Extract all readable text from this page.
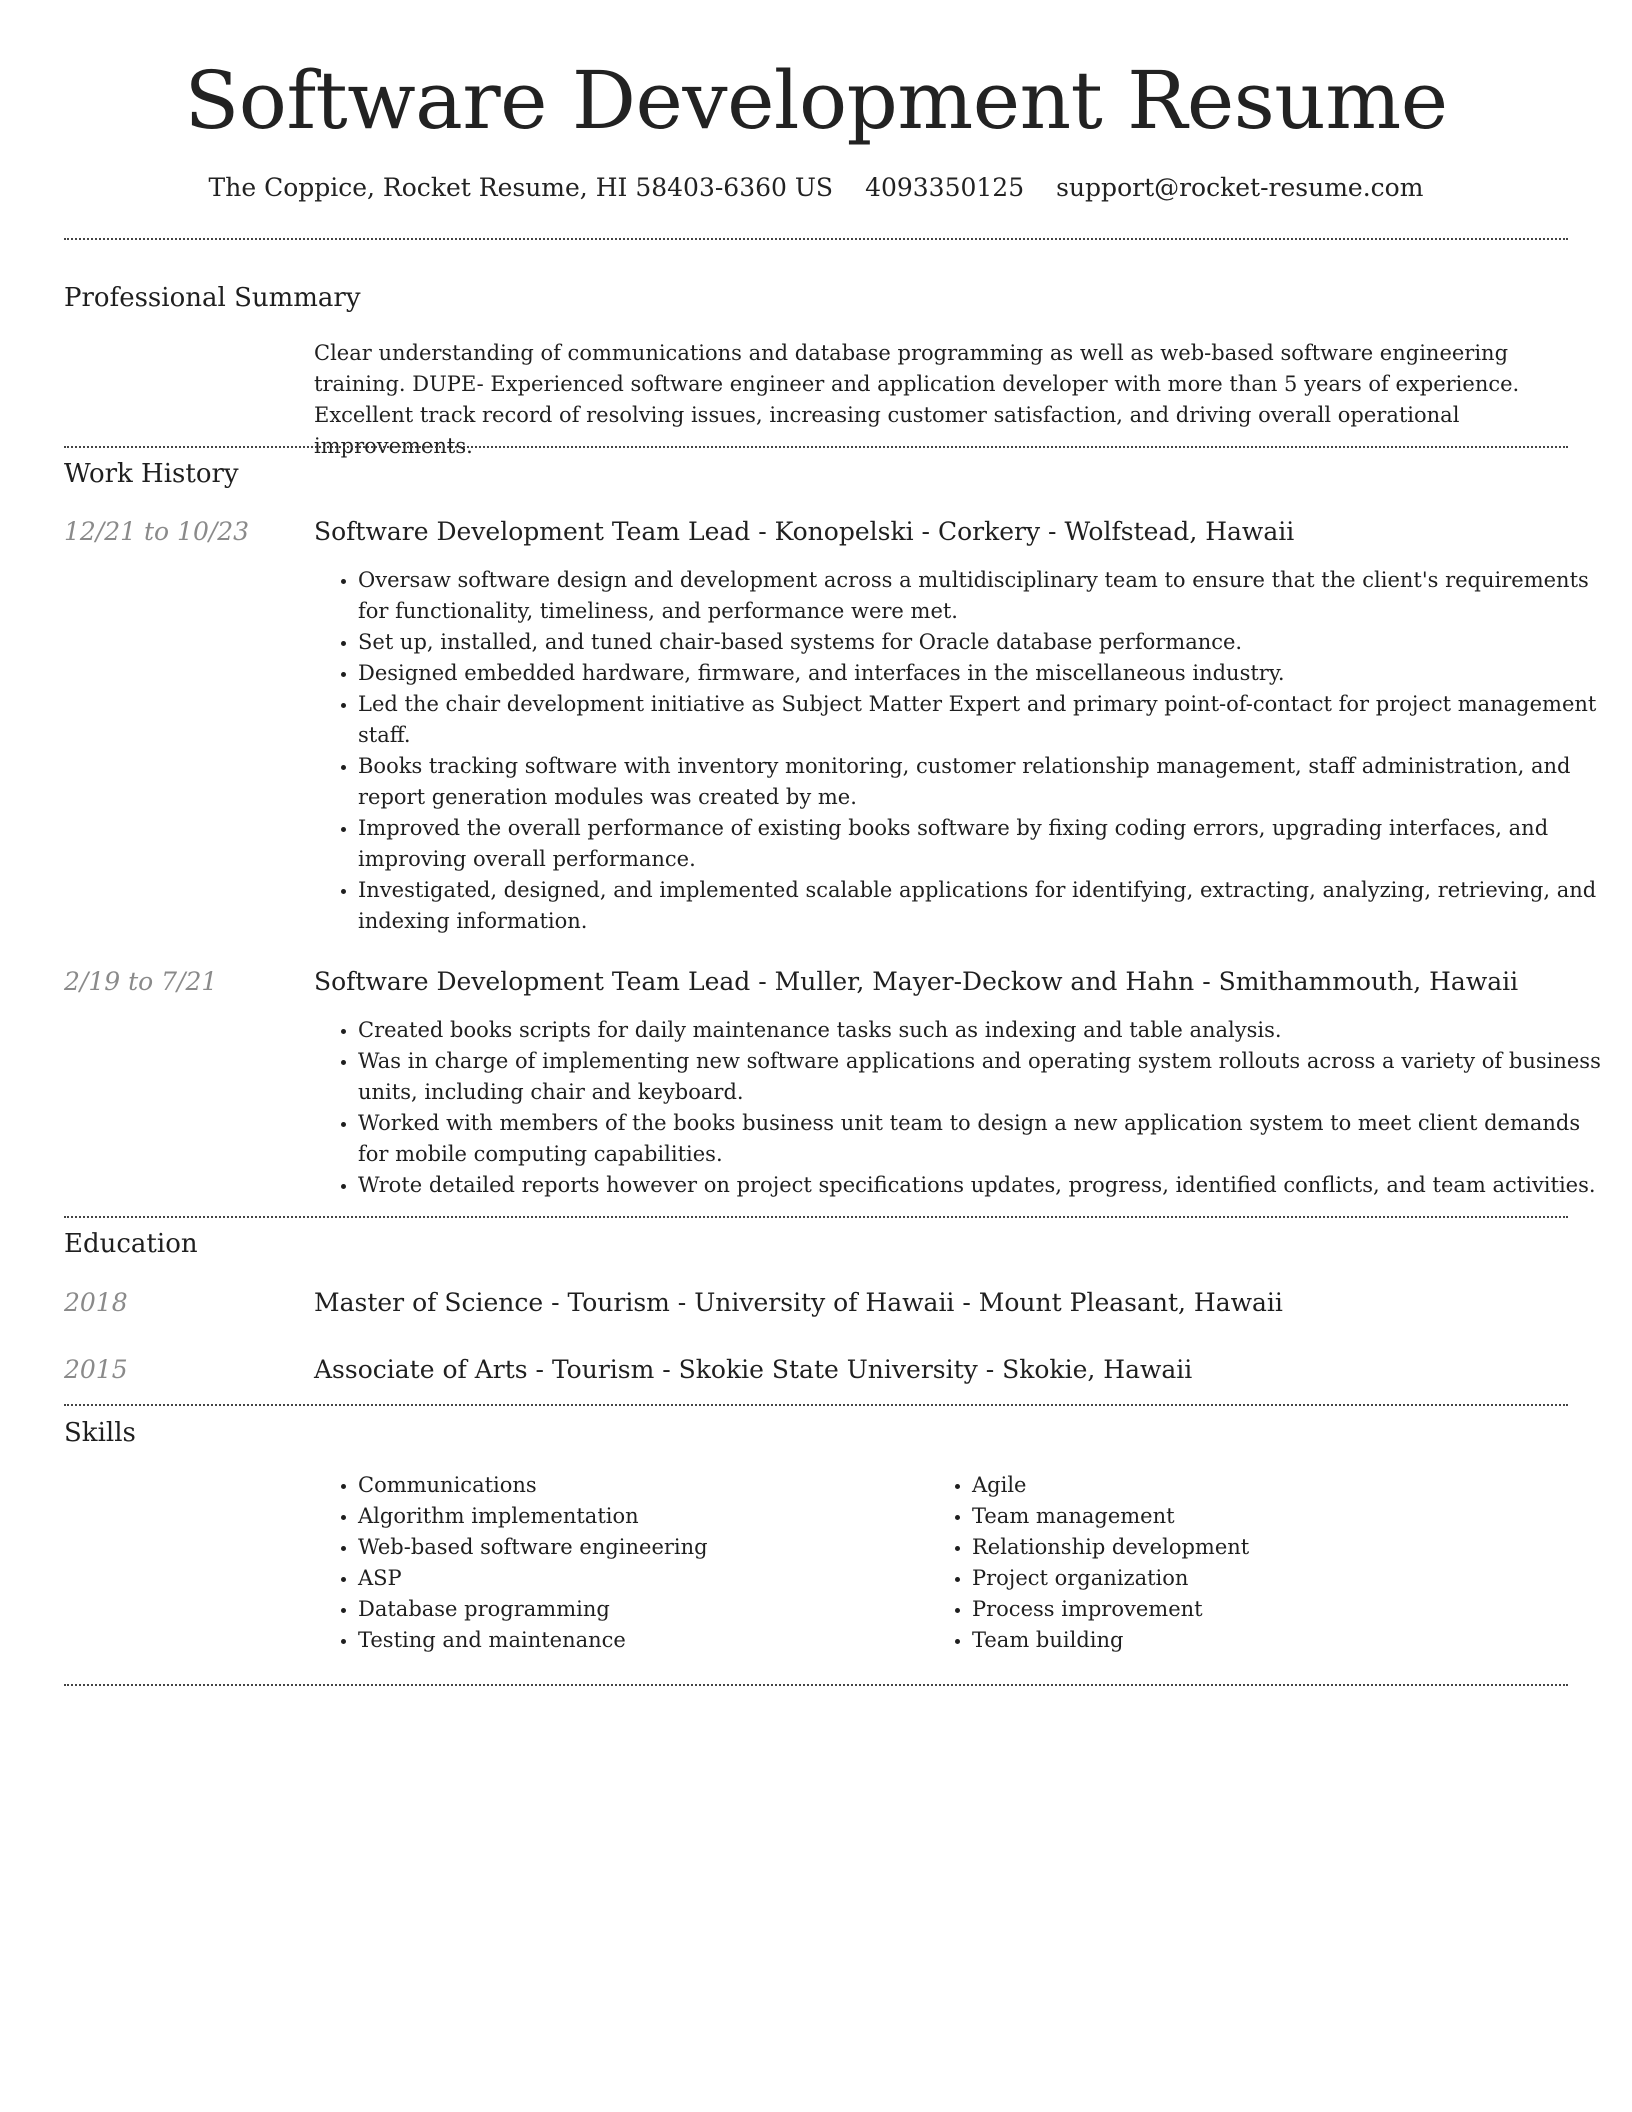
Software Development Resume
The Coppice, Rocket Resume, HI 58403-6360 US 4093350125 support@rocket-resume.com
Professional Summary

Clear understanding of communications and database programming as well as web-based software engineering training. DUPE- Experienced software engineer and application developer with more than 5 years of experience. Excellent track record of resolving issues, increasing customer satisfaction, and driving overall operational improvements.

Work History
12/21 to 10/23	Software Development Team Lead - Konopelski - Corkery - Wolfstead, Hawaii
• Oversaw software design and development across a multidisciplinary team to ensure that the client's requirements for functionality, timeliness, and performance were met.
• Set up, installed, and tuned chair-based systems for Oracle database performance.
• Designed embedded hardware, firmware, and interfaces in the miscellaneous industry.
• Led the chair development initiative as Subject Matter Expert and primary point-of-contact for project management staff.
• Books tracking software with inventory monitoring, customer relationship management, staff administration, and report generation modules was created by me.
• Improved the overall performance of existing books software by fixing coding errors, upgrading interfaces, and improving overall performance.
• Investigated, designed, and implemented scalable applications for identifying, extracting, analyzing, retrieving, and indexing information.
2/19 to 7/21	Software Development Team Lead - Muller, Mayer-Deckow and Hahn - Smithammouth, Hawaii
• Created books scripts for daily maintenance tasks such as indexing and table analysis.
• Was in charge of implementing new software applications and operating system rollouts across a variety of business units, including chair and keyboard.
• Worked with members of the books business unit team to design a new application system to meet client demands for mobile computing capabilities.
• Wrote detailed reports however on project specifications updates, progress, identified conflicts, and team activities.
Education
2018	Master of Science - Tourism - University of Hawaii - Mount Pleasant, Hawaii
2015	Associate of Arts - Tourism - Skokie State University - Skokie, Hawaii
Skills
• Communications
• Algorithm implementation
• Web-based software engineering
• ASP
• Database programming
• Testing and maintenance
• Agile
• Team management
• Relationship development
• Project organization
• Process improvement
• Team building
